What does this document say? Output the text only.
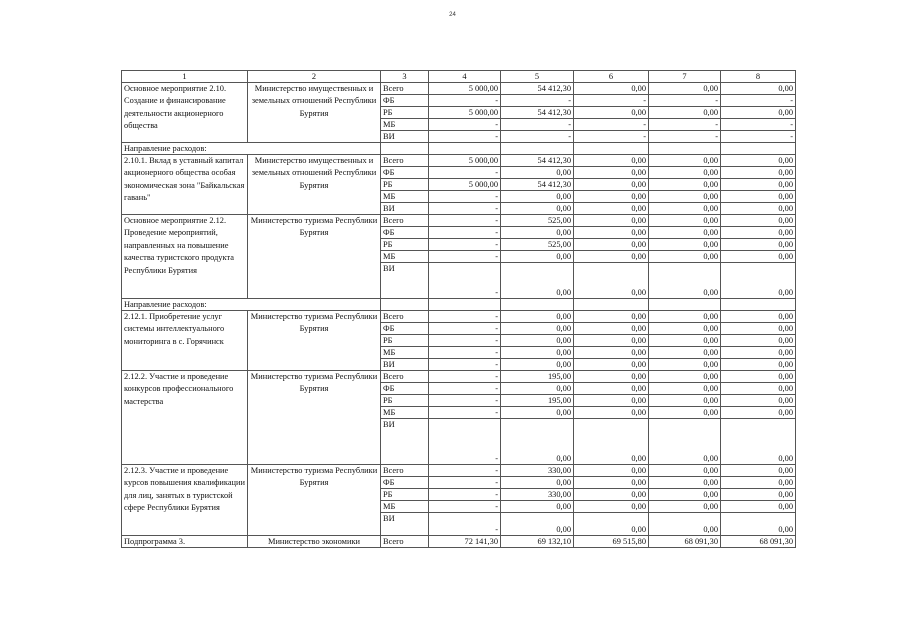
24
1	2	3	4	5	6	7	8
Основное мероприятие 2.10. Создание и финансирование деятельности акционерного общества	Министерство имущественных и земельных отношений Республики Бурятия	Всего	5 000,00	54 412,30	0,00	0,00	0,00
		ФБ	-	-	-	-	-
		РБ	5 000,00	54 412,30	0,00	0,00	0,00
		МБ	-	-	-	-	-
		ВИ	-	-	-	-	-
Направление расходов:							
2.10.1. Вклад в уставный капитал акционерного общества особая экономическая зона "Байкальская гавань"	Министерство имущественных и земельных отношений Республики Бурятия	Всего	5 000,00	54 412,30	0,00	0,00	0,00
		ФБ	-	0,00	0,00	0,00	0,00
		РБ	5 000,00	54 412,30	0,00	0,00	0,00
		МБ	-	0,00	0,00	0,00	0,00
		ВИ	-	0,00	0,00	0,00	0,00
Основное мероприятие 2.12. Проведение мероприятий, направленных на повышение качества туристского продукта Республики Бурятия	Министерство туризма Республики Бурятия	Всего	-	525,00	0,00	0,00	0,00
		ФБ	-	0,00	0,00	0,00	0,00
		РБ	-	525,00	0,00	0,00	0,00
		МБ	-	0,00	0,00	0,00	0,00
		ВИ	-	0,00	0,00	0,00	0,00
Направление расходов:							
2.12.1. Приобретение услуг системы интеллектуального мониторинга в с. Горячинск	Министерство туризма Республики Бурятия	Всего	-	0,00	0,00	0,00	0,00
		ФБ	-	0,00	0,00	0,00	0,00
		РБ	-	0,00	0,00	0,00	0,00
		МБ	-	0,00	0,00	0,00	0,00
		ВИ	-	0,00	0,00	0,00	0,00
2.12.2. Участие и проведение конкурсов профессионального мастерства	Министерство туризма Республики Бурятия	Всего	-	195,00	0,00	0,00	0,00
		ФБ	-	0,00	0,00	0,00	0,00
		РБ	-	195,00	0,00	0,00	0,00
		МБ	-	0,00	0,00	0,00	0,00
		ВИ	-	0,00	0,00	0,00	0,00
2.12.3. Участие и проведение курсов повышения квалификации для лиц, занятых в туристской сфере Республики Бурятия	Министерство туризма Республики Бурятия	Всего	-	330,00	0,00	0,00	0,00
		ФБ	-	0,00	0,00	0,00	0,00
		РБ	-	330,00	0,00	0,00	0,00
		МБ	-	0,00	0,00	0,00	0,00
		ВИ	-	0,00	0,00	0,00	0,00
Подпрограмма 3.	Министерство экономики	Всего	72 141,30	69 132,10	69 515,80	68 091,30	68 091,30
